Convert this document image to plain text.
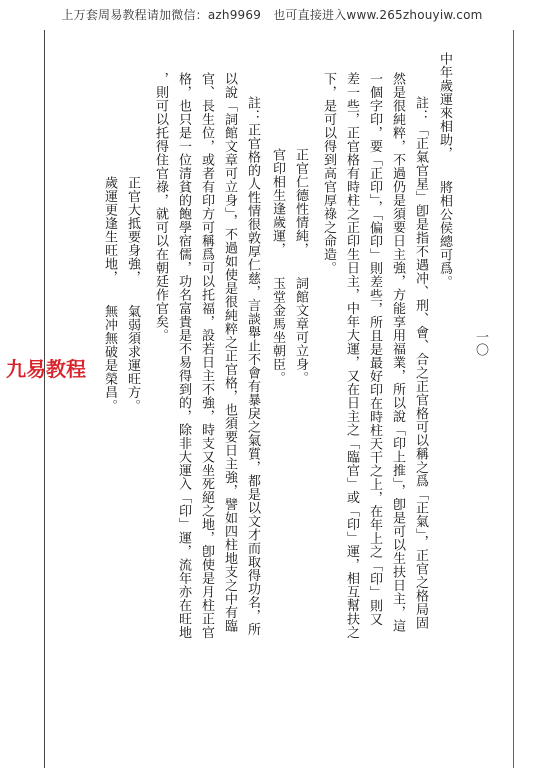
上万套周易教程请加微信：azh9969　也可直接进入www.265zhouyiw.com
一〇
九易教程
中年歲運來相助，　　將相公侯總可爲。
註：「正氣官星」卽是指不遇冲、刑、會、合之正官格可以稱之爲「正氣」，正官之格局固
然是很純粹，不過仍是須要日主強，方能享用福業，所以說「印上推」，卽是可以生扶日主，這
一個字印，要「正印」，「偏印」則差些，所且是最好印在時柱天干之上，在年上之「印」則又
差一些，正官格有時柱之正印生日主，中年大運，又在日主之「臨官」或「印」運，相互幫扶之
下，是可以得到高官厚祿之命造。
正官仁德性情純，　　詞館文章可立身。
官印相生逢歲運，　　玉堂金馬坐朝臣。
註：正官格的人性情很敦厚仁慈，言談舉止不會有暴戾之氣質，都是以文才而取得功名，所
以說「詞館文章可立身」，不過如使是很純粹之正官格，也須要日主強，譬如四柱地支之中有臨
官、長生位，或者有印方可稱爲可以托福，設若日主不強，時支又坐死絕之地，卽使是月柱正官
格，也只是一位清貧的飽學宿儒，功名富貴是不易得到的，除非大運入「印」運，流年亦在旺地
，則可以托得住官祿，就可以在朝廷作官矣。
正官大抵要身強，　　氣弱須求運旺方。
歲運更逢生旺地，　　無冲無破是榮昌。
